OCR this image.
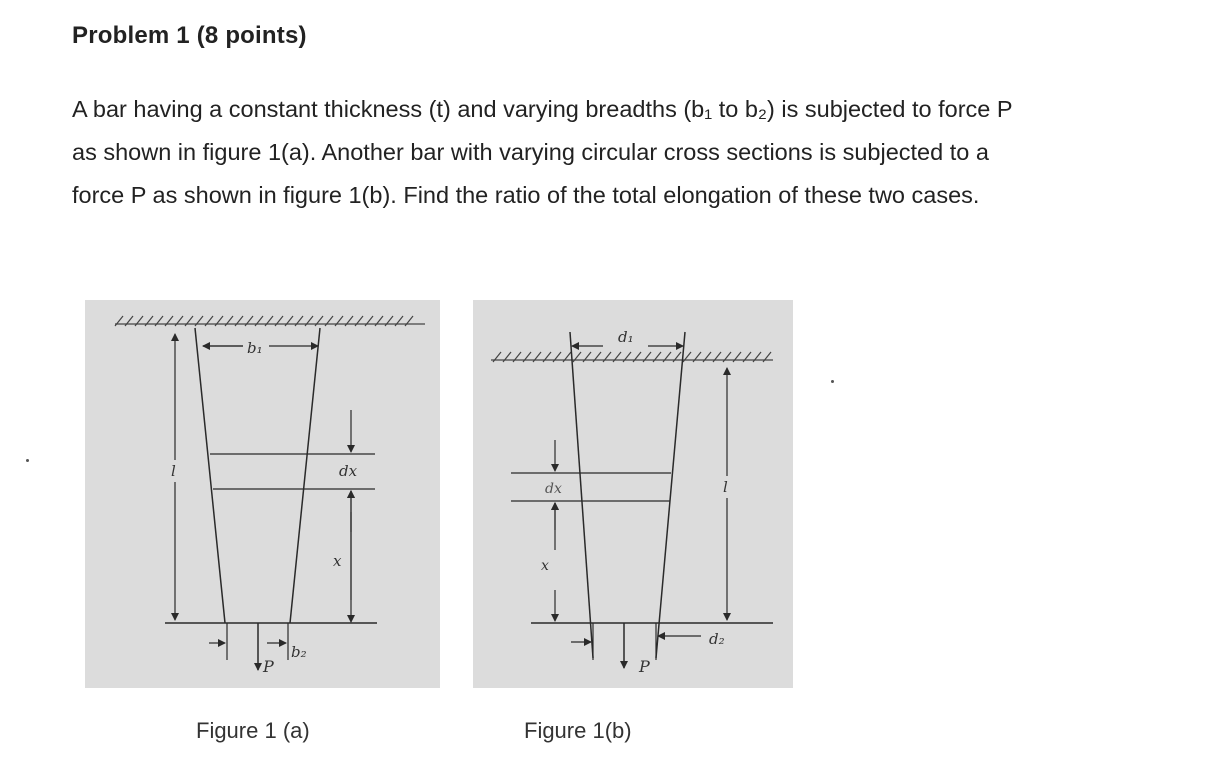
Problem 1 (8 points)

A bar having a constant thickness (t) and varying breadths (b₁ to b₂) is subjected to force P

as shown in figure 1(a). Another bar with varying circular cross sections is subjected to a

force P as shown in figure 1(b). Find the ratio of the total elongation of these two cases.

b₁
l	dx
x
b₂
P
d₁
dx
x
l
d₂
P
Figure 1 (a)	Figure 1(b)
